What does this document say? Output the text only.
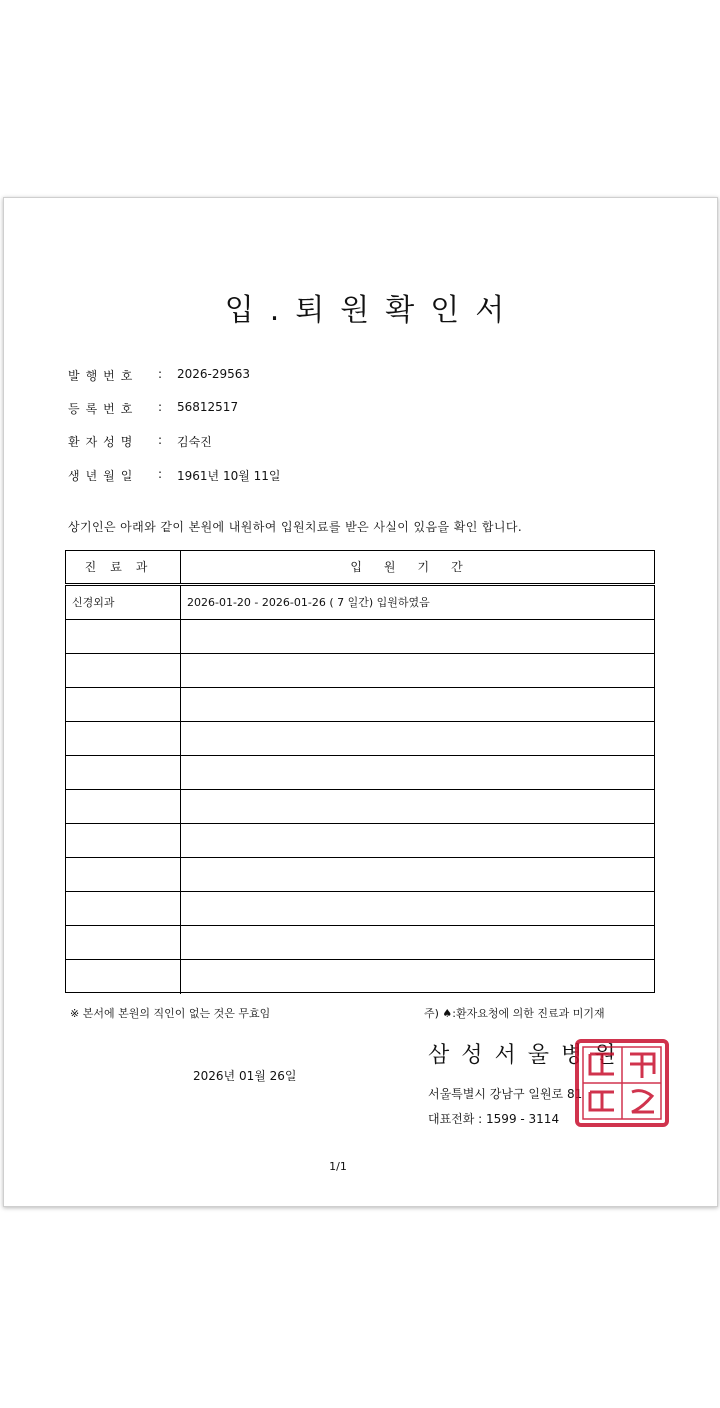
입.퇴원확인서
발행번호	: 2026-29563
등록번호	: 56812517
환자성명	: 김숙진
생년월일	: 1961년 10월 11일
상기인은 아래와 같이 본원에 내원하여 입원치료를 받은 사실이 있음을 확인 합니다.
진료과	입원기간
신경외과	2026-01-20 - 2026-01-26 ( 7 일간) 입원하였음
※ 본서에 본원의 직인이 없는 것은 무효임	주) ♠:환자요청에 의한 진료과 미기재
삼성서울병원
2026년 01월 26일
서울특별시 강남구 일원로 81
대표전화 : 1599 - 3114
1/1
